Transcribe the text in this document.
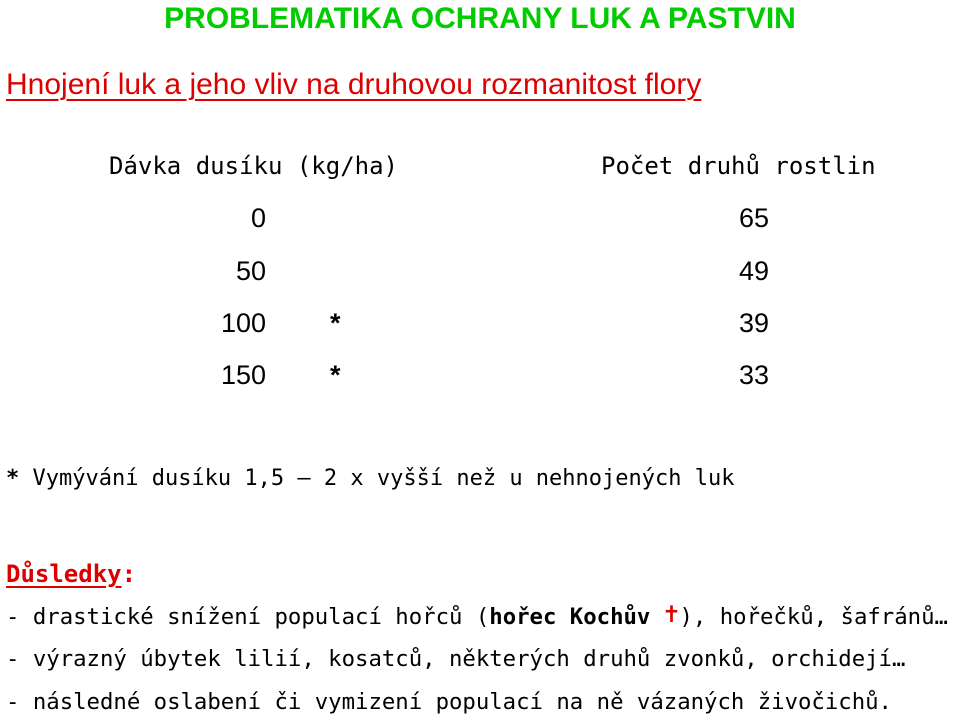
PROBLEMATIKA OCHRANY LUK A PASTVIN
Hnojení luk a jeho vliv na druhovou rozmanitost flory
Dávka dusíku (kg/ha)	Počet druhů rostlin
0	65
50	49
100 *	39
150 *	33
* Vymývání dusíku 1,5 – 2 x vyšší než u nehnojených luk
Důsledky:
- drastické snížení populací hořců (hořec Kochův ✝), hořečků, šafránů…
- výrazný úbytek lilií, kosatců, některých druhů zvonků, orchidejí…
- následné oslabení či vymizení populací na ně vázaných živočichů.
